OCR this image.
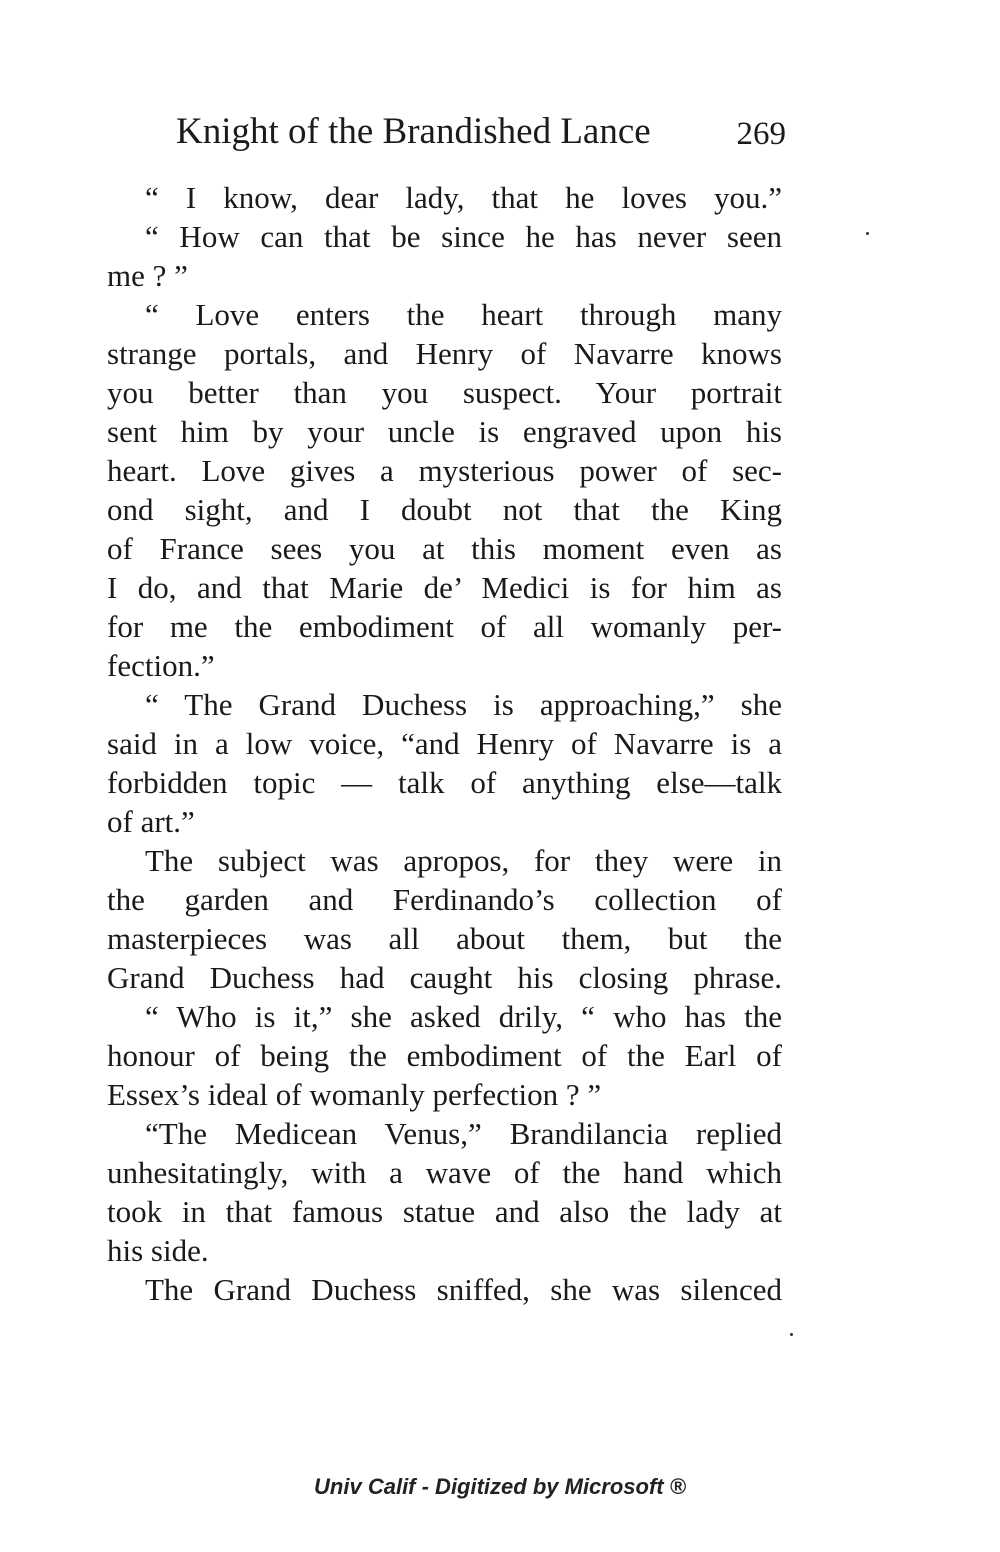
Knight of the Brandished Lance	269
“ I know, dear lady, that he loves you.”
“ How can that be since he has never seen
me ? ”
“ Love enters the heart through many
strange portals, and Henry of Navarre knows
you better than you suspect. Your portrait
sent him by your uncle is engraved upon his
heart. Love gives a mysterious power of sec-
ond sight, and I doubt not that the King
of France sees you at this moment even as
I do, and that Marie de’ Medici is for him as
for me the embodiment of all womanly per-
fection.”
“ The Grand Duchess is approaching,” she
said in a low voice, “and Henry of Navarre is a
forbidden topic — talk of anything else—talk
of art.”
The subject was apropos, for they were in
the garden and Ferdinando’s collection of
masterpieces was all about them, but the
Grand Duchess had caught his closing phrase.
“ Who is it,” she asked drily, “ who has the
honour of being the embodiment of the Earl of
Essex’s ideal of womanly perfection ? ”
“The Medicean Venus,” Brandilancia replied
unhesitatingly, with a wave of the hand which
took in that famous statue and also the lady at
his side.
The Grand Duchess sniffed, she was silenced
Univ Calif - Digitized by Microsoft ®
